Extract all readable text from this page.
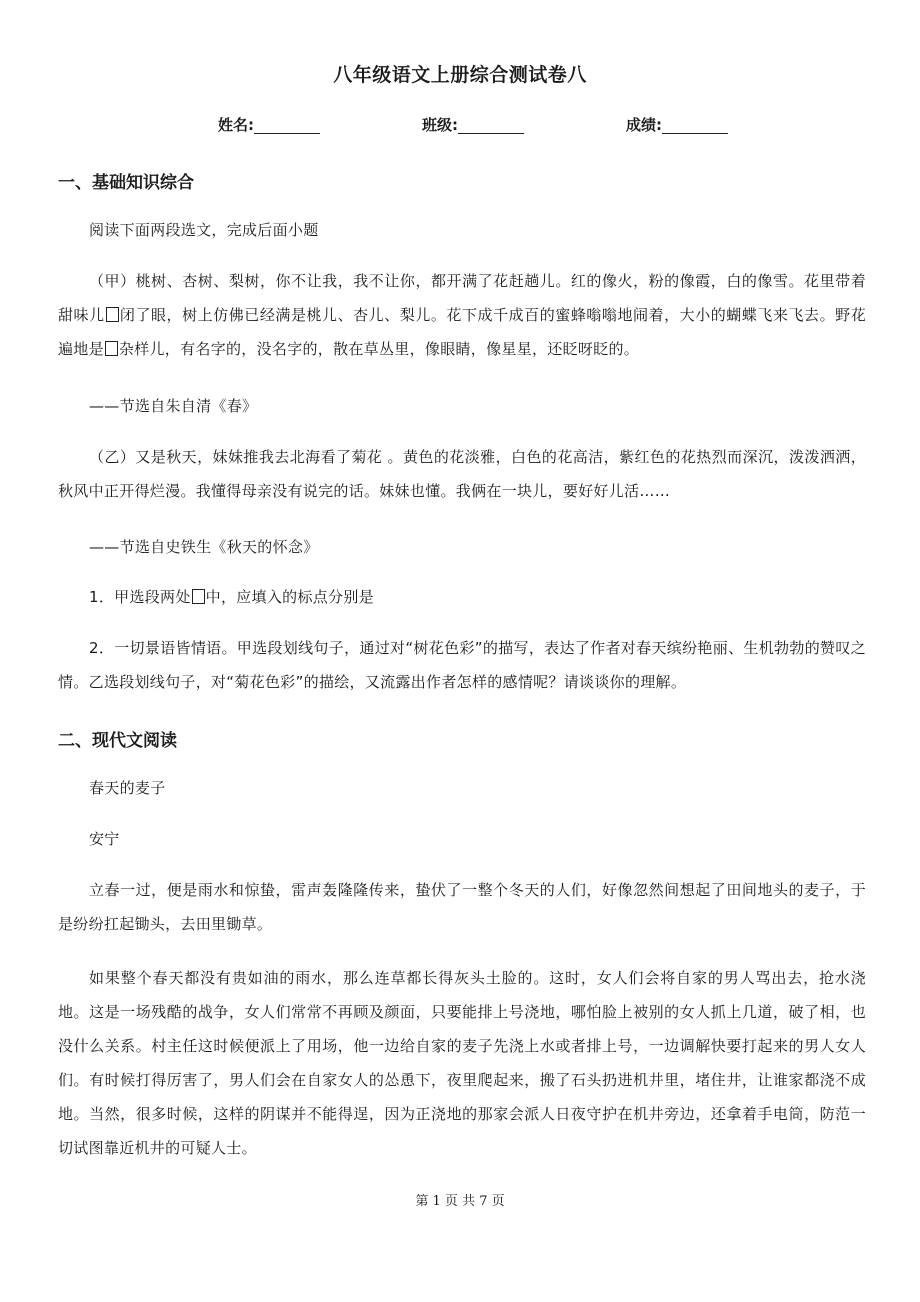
八年级语文上册综合测试卷八
姓名:	班级:	成绩:
一、基础知识综合
阅读下面两段选文，完成后面小题
（甲）桃树、杏树、梨树，你不让我，我不让你，都开满了花赶趟儿。红的像火，粉的像霞，白的像雪。花里带着甜味儿 闭了眼，树上仿佛已经满是桃儿、杏儿、梨儿。花下成千成百的蜜蜂嗡嗡地闹着，大小的蝴蝶飞来飞去。野花遍地是 杂样儿，有名字的，没名字的，散在草丛里，像眼睛，像星星，还眨呀眨的。
——节选自朱自清《春》
（乙）又是秋天，妹妹推我去北海看了菊花 。黄色的花淡雅，白色的花高洁，紫红色的花热烈而深沉，泼泼洒洒，秋风中正开得烂漫。我懂得母亲没有说完的话。妹妹也懂。我俩在一块儿，要好好儿活……
——节选自史铁生《秋天的怀念》
1．甲选段两处 中，应填入的标点分别是
2．一切景语皆情语。甲选段划线句子，通过对“树花色彩”的描写，表达了作者对春天缤纷艳丽、生机勃勃的赞叹之情。乙选段划线句子，对“菊花色彩”的描绘，又流露出作者怎样的感情呢？请谈谈你的理解。
二、现代文阅读
春天的麦子
安宁
立春一过，便是雨水和惊蛰，雷声轰隆隆传来，蛰伏了一整个冬天的人们，好像忽然间想起了田间地头的麦子，于是纷纷扛起锄头，去田里锄草。
如果整个春天都没有贵如油的雨水，那么连草都长得灰头土脸的。这时，女人们会将自家的男人骂出去，抢水浇地。这是一场残酷的战争，女人们常常不再顾及颜面，只要能排上号浇地，哪怕脸上被别的女人抓上几道，破了相，也没什么关系。村主任这时候便派上了用场，他一边给自家的麦子先浇上水或者排上号，一边调解快要打起来的男人女人们。有时候打得厉害了，男人们会在自家女人的怂恿下，夜里爬起来，搬了石头扔进机井里，堵住井，让谁家都浇不成地。当然，很多时候，这样的阴谋并不能得逞，因为正浇地的那家会派人日夜守护在机井旁边，还拿着手电筒，防范一切试图靠近机井的可疑人士。
第 1 页 共 7 页
